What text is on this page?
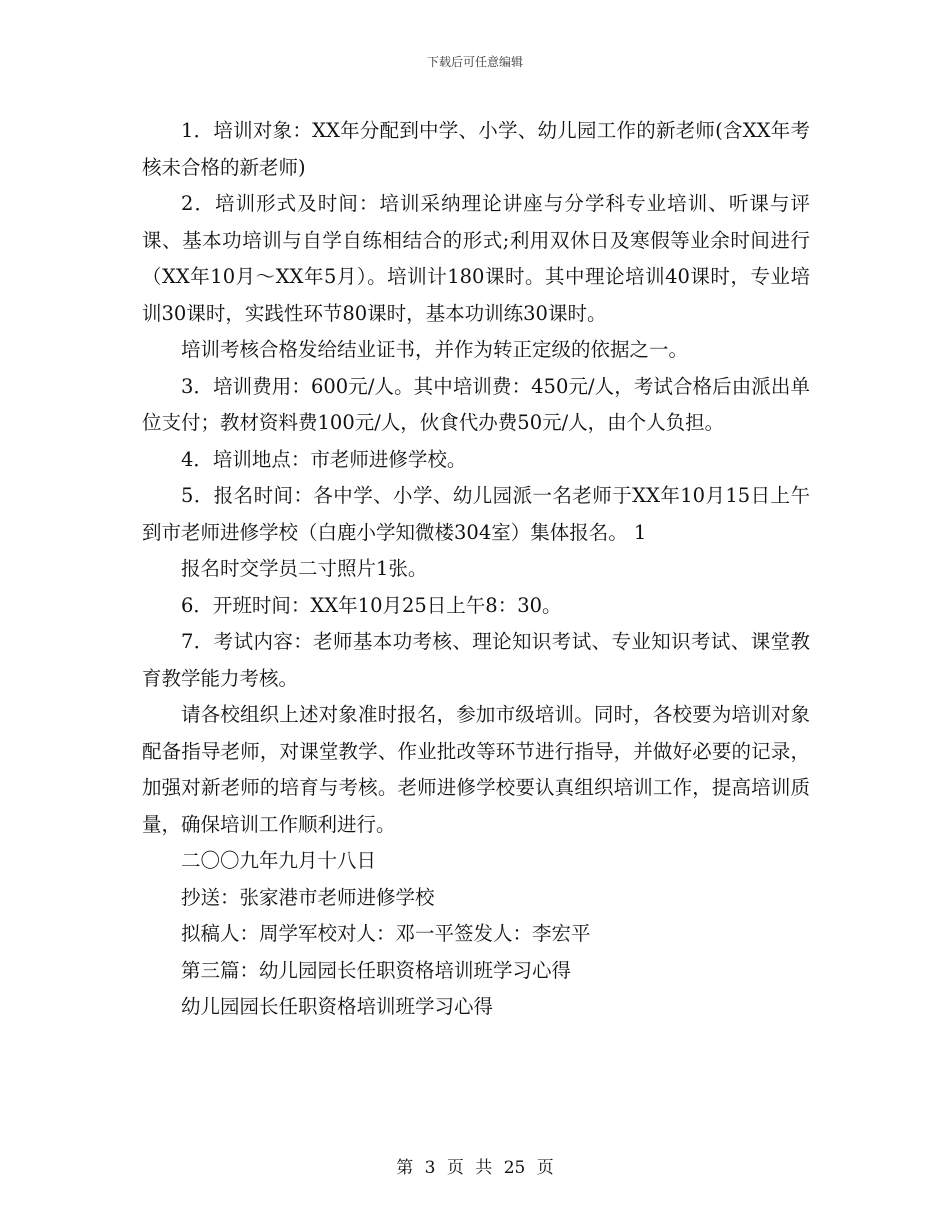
下载后可任意编辑

1．培训对象：XX年分配到中学、小学、幼儿园工作的新老师(含XX年考核未合格的新老师)

2．培训形式及时间：培训采纳理论讲座与分学科专业培训、听课与评课、基本功培训与自学自练相结合的形式;利用双休日及寒假等业余时间进行（XX年10月～XX年5月）。培训计180课时。其中理论培训40课时，专业培训30课时，实践性环节80课时，基本功训练30课时。

培训考核合格发给结业证书，并作为转正定级的依据之一。

3．培训费用：600元/人。其中培训费：450元/人，考试合格后由派出单位支付；教材资料费100元/人，伙食代办费50元/人，由个人负担。

4．培训地点：市老师进修学校。

5．报名时间：各中学、小学、幼儿园派一名老师于XX年10月15日上午到市老师进修学校（白鹿小学知微楼304室）集体报名。 1

报名时交学员二寸照片1张。

6．开班时间：XX年10月25日上午8：30。

7．考试内容：老师基本功考核、理论知识考试、专业知识考试、课堂教育教学能力考核。

请各校组织上述对象准时报名，参加市级培训。同时，各校要为培训对象配备指导老师，对课堂教学、作业批改等环节进行指导，并做好必要的记录，加强对新老师的培育与考核。老师进修学校要认真组织培训工作，提高培训质量，确保培训工作顺利进行。

二〇〇九年九月十八日

抄送：张家港市老师进修学校

拟稿人：周学军校对人：邓一平签发人：李宏平

第三篇：幼儿园园长任职资格培训班学习心得

幼儿园园长任职资格培训班学习心得

第 3 页 共 25 页
